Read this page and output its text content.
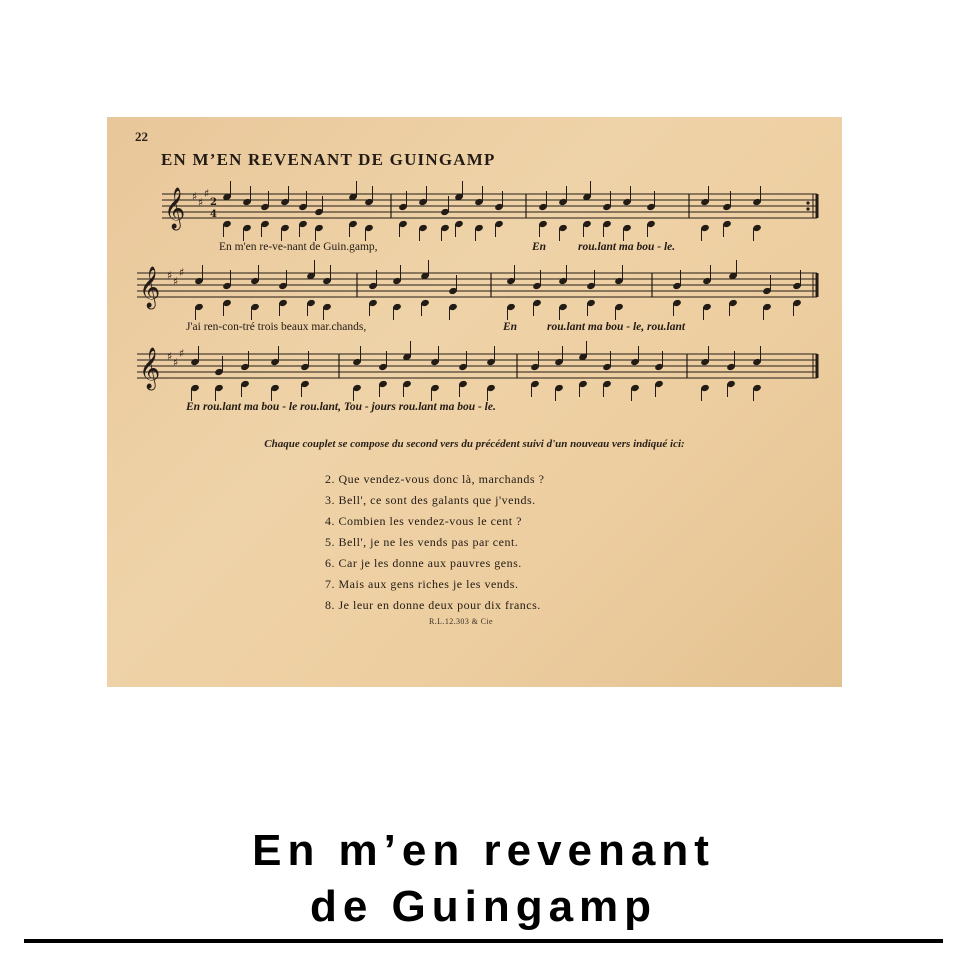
𝄞 ♯ ♯
♯
2
4
𝄞 ♯ ♯
♯
𝄞 ♯ ♯
♯
22
EN M’EN REVENANT DE GUINGAMP
En m'en re-ve-nant de Guin.gamp,	En	rou.lant ma bou - le.
J'ai ren-con-tré trois beaux mar.chands,	En	rou.lant ma bou - le, rou.lant
En rou.lant ma bou - le rou.lant, Tou - jours rou.lant ma bou - le.
Chaque couplet se compose du second vers du précédent suivi d'un nouveau vers indiqué ici:
2. Que vendez-vous donc là, marchands ?
3. Bell', ce sont des galants que j'vends.
4. Combien les vendez-vous le cent ?
5. Bell', je ne les vends pas par cent.
6. Car je les donne aux pauvres gens.
7. Mais aux gens riches je les vends.
8. Je leur en donne deux pour dix francs.
R.L.12.303 & Cie
En m’en revenant
de Guingamp
